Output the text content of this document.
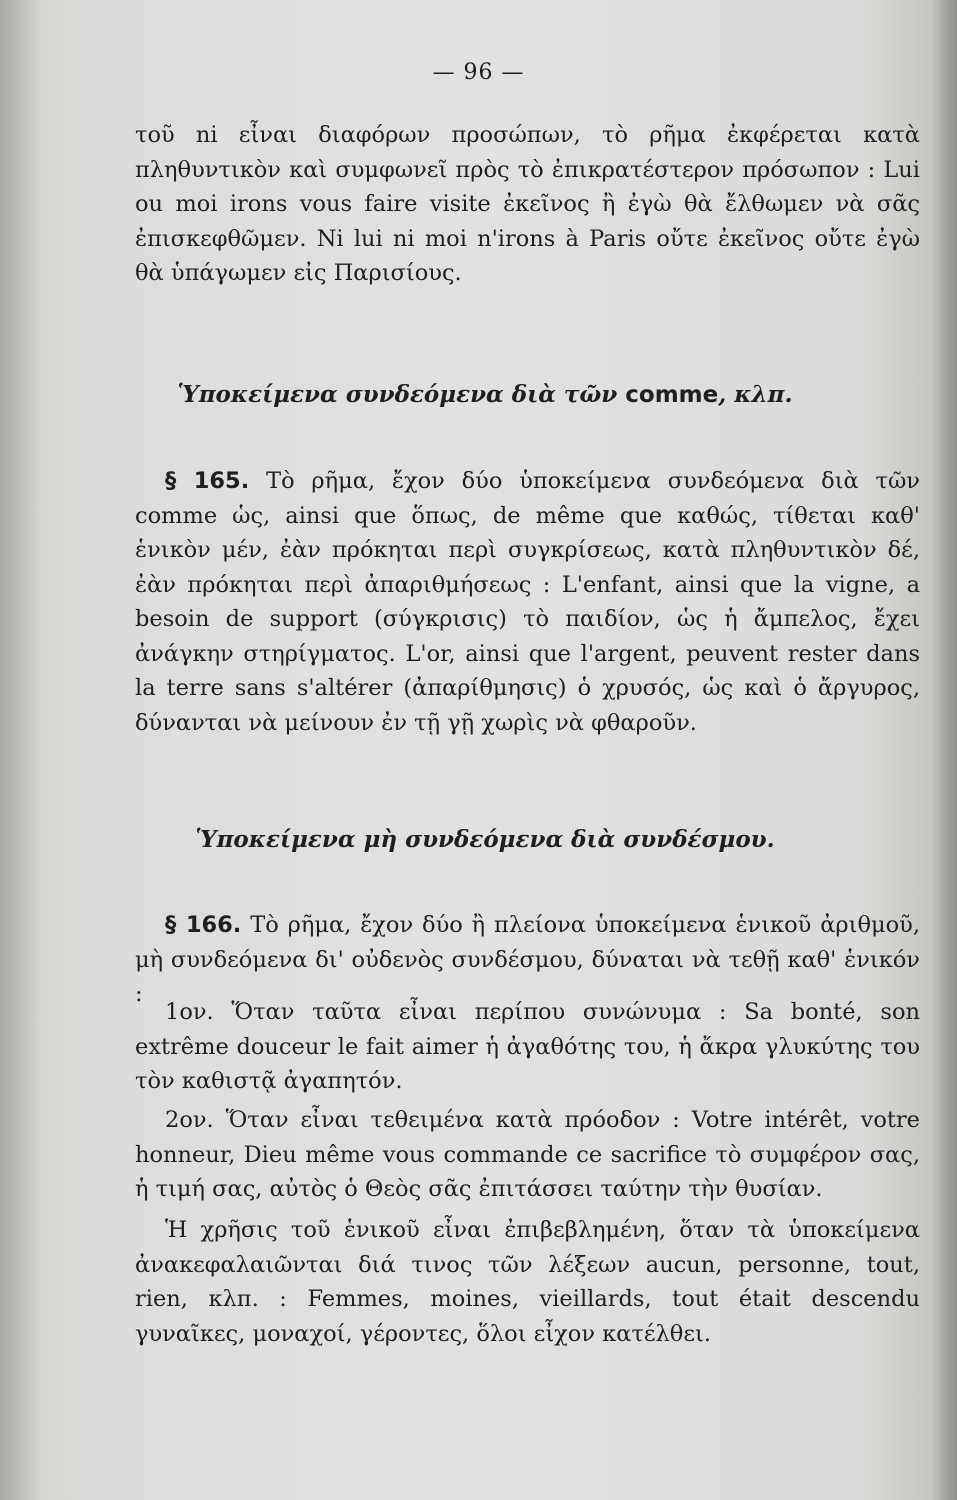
— 96 —

τοῦ ni εἶναι διαφόρων προσώπων, τὸ ρῆμα ἐκφέρεται κατὰ πληθυντικὸν καὶ συμφωνεῖ πρὸς τὸ ἐπικρατέστερον πρόσωπον : Lui ou moi irons vous faire visite ἐκεῖνος ἢ ἐγὼ θὰ ἔλθωμεν νὰ σᾶς ἐπισκεφθῶμεν. Ni lui ni moi n'irons à Paris οὔτε ἐκεῖνος οὔτε ἐγὼ θὰ ὑπάγωμεν εἰς Παρισίους.

Ὑποκείμενα συνδεόμενα διὰ τῶν comme, κλπ.

§ 165. Τὸ ρῆμα, ἔχον δύο ὑποκείμενα συνδεόμενα διὰ τῶν comme ὡς, ainsi que ὅπως, de même que καθώς, τίθεται καθ' ἑνικὸν μέν, ἐὰν πρόκηται περὶ συγκρίσεως, κατὰ πληθυντικὸν δέ, ἐὰν πρόκηται περὶ ἀπαριθμήσεως : L'enfant, ainsi que la vigne, a besoin de support (σύγκρισις) τὸ παιδίον, ὡς ἡ ἄμπελος, ἔχει ἀνάγκην στηρίγματος. L'or, ainsi que l'argent, peuvent rester dans la terre sans s'altérer (ἀπαρίθμησις) ὁ χρυσός, ὡς καὶ ὁ ἄργυρος, δύνανται νὰ μείνουν ἐν τῇ γῇ χωρὶς νὰ φθαροῦν.

Ὑποκείμενα μὴ συνδεόμενα διὰ συνδέσμου.

§ 166. Τὸ ρῆμα, ἔχον δύο ἢ πλείονα ὑποκείμενα ἑνικοῦ ἀριθμοῦ, μὴ συνδεόμενα δι' οὐδενὸς συνδέσμου, δύναται νὰ τεθῇ καθ' ἑνικόν :

1ον. Ὅταν ταῦτα εἶναι περίπου συνώνυμα : Sa bonté, son extrême douceur le fait aimer ἡ ἀγαθότης του, ἡ ἄκρα γλυκύτης του τὸν καθιστᾷ ἀγαπητόν.

2ον. Ὅταν εἶναι τεθειμένα κατὰ πρόοδον : Votre intérêt, votre honneur, Dieu même vous commande ce sacrifice τὸ συμφέρον σας, ἡ τιμή σας, αὐτὸς ὁ Θεὸς σᾶς ἐπιτάσσει ταύτην τὴν θυσίαν.

Ἡ χρῆσις τοῦ ἑνικοῦ εἶναι ἐπιβεβλημένη, ὅταν τὰ ὑποκείμενα ἀνακεφαλαιῶνται διά τινος τῶν λέξεων aucun, personne, tout, rien, κλπ. : Femmes, moines, vieillards, tout était descendu γυναῖκες, μοναχοί, γέροντες, ὅλοι εἶχον κατέλθει.
